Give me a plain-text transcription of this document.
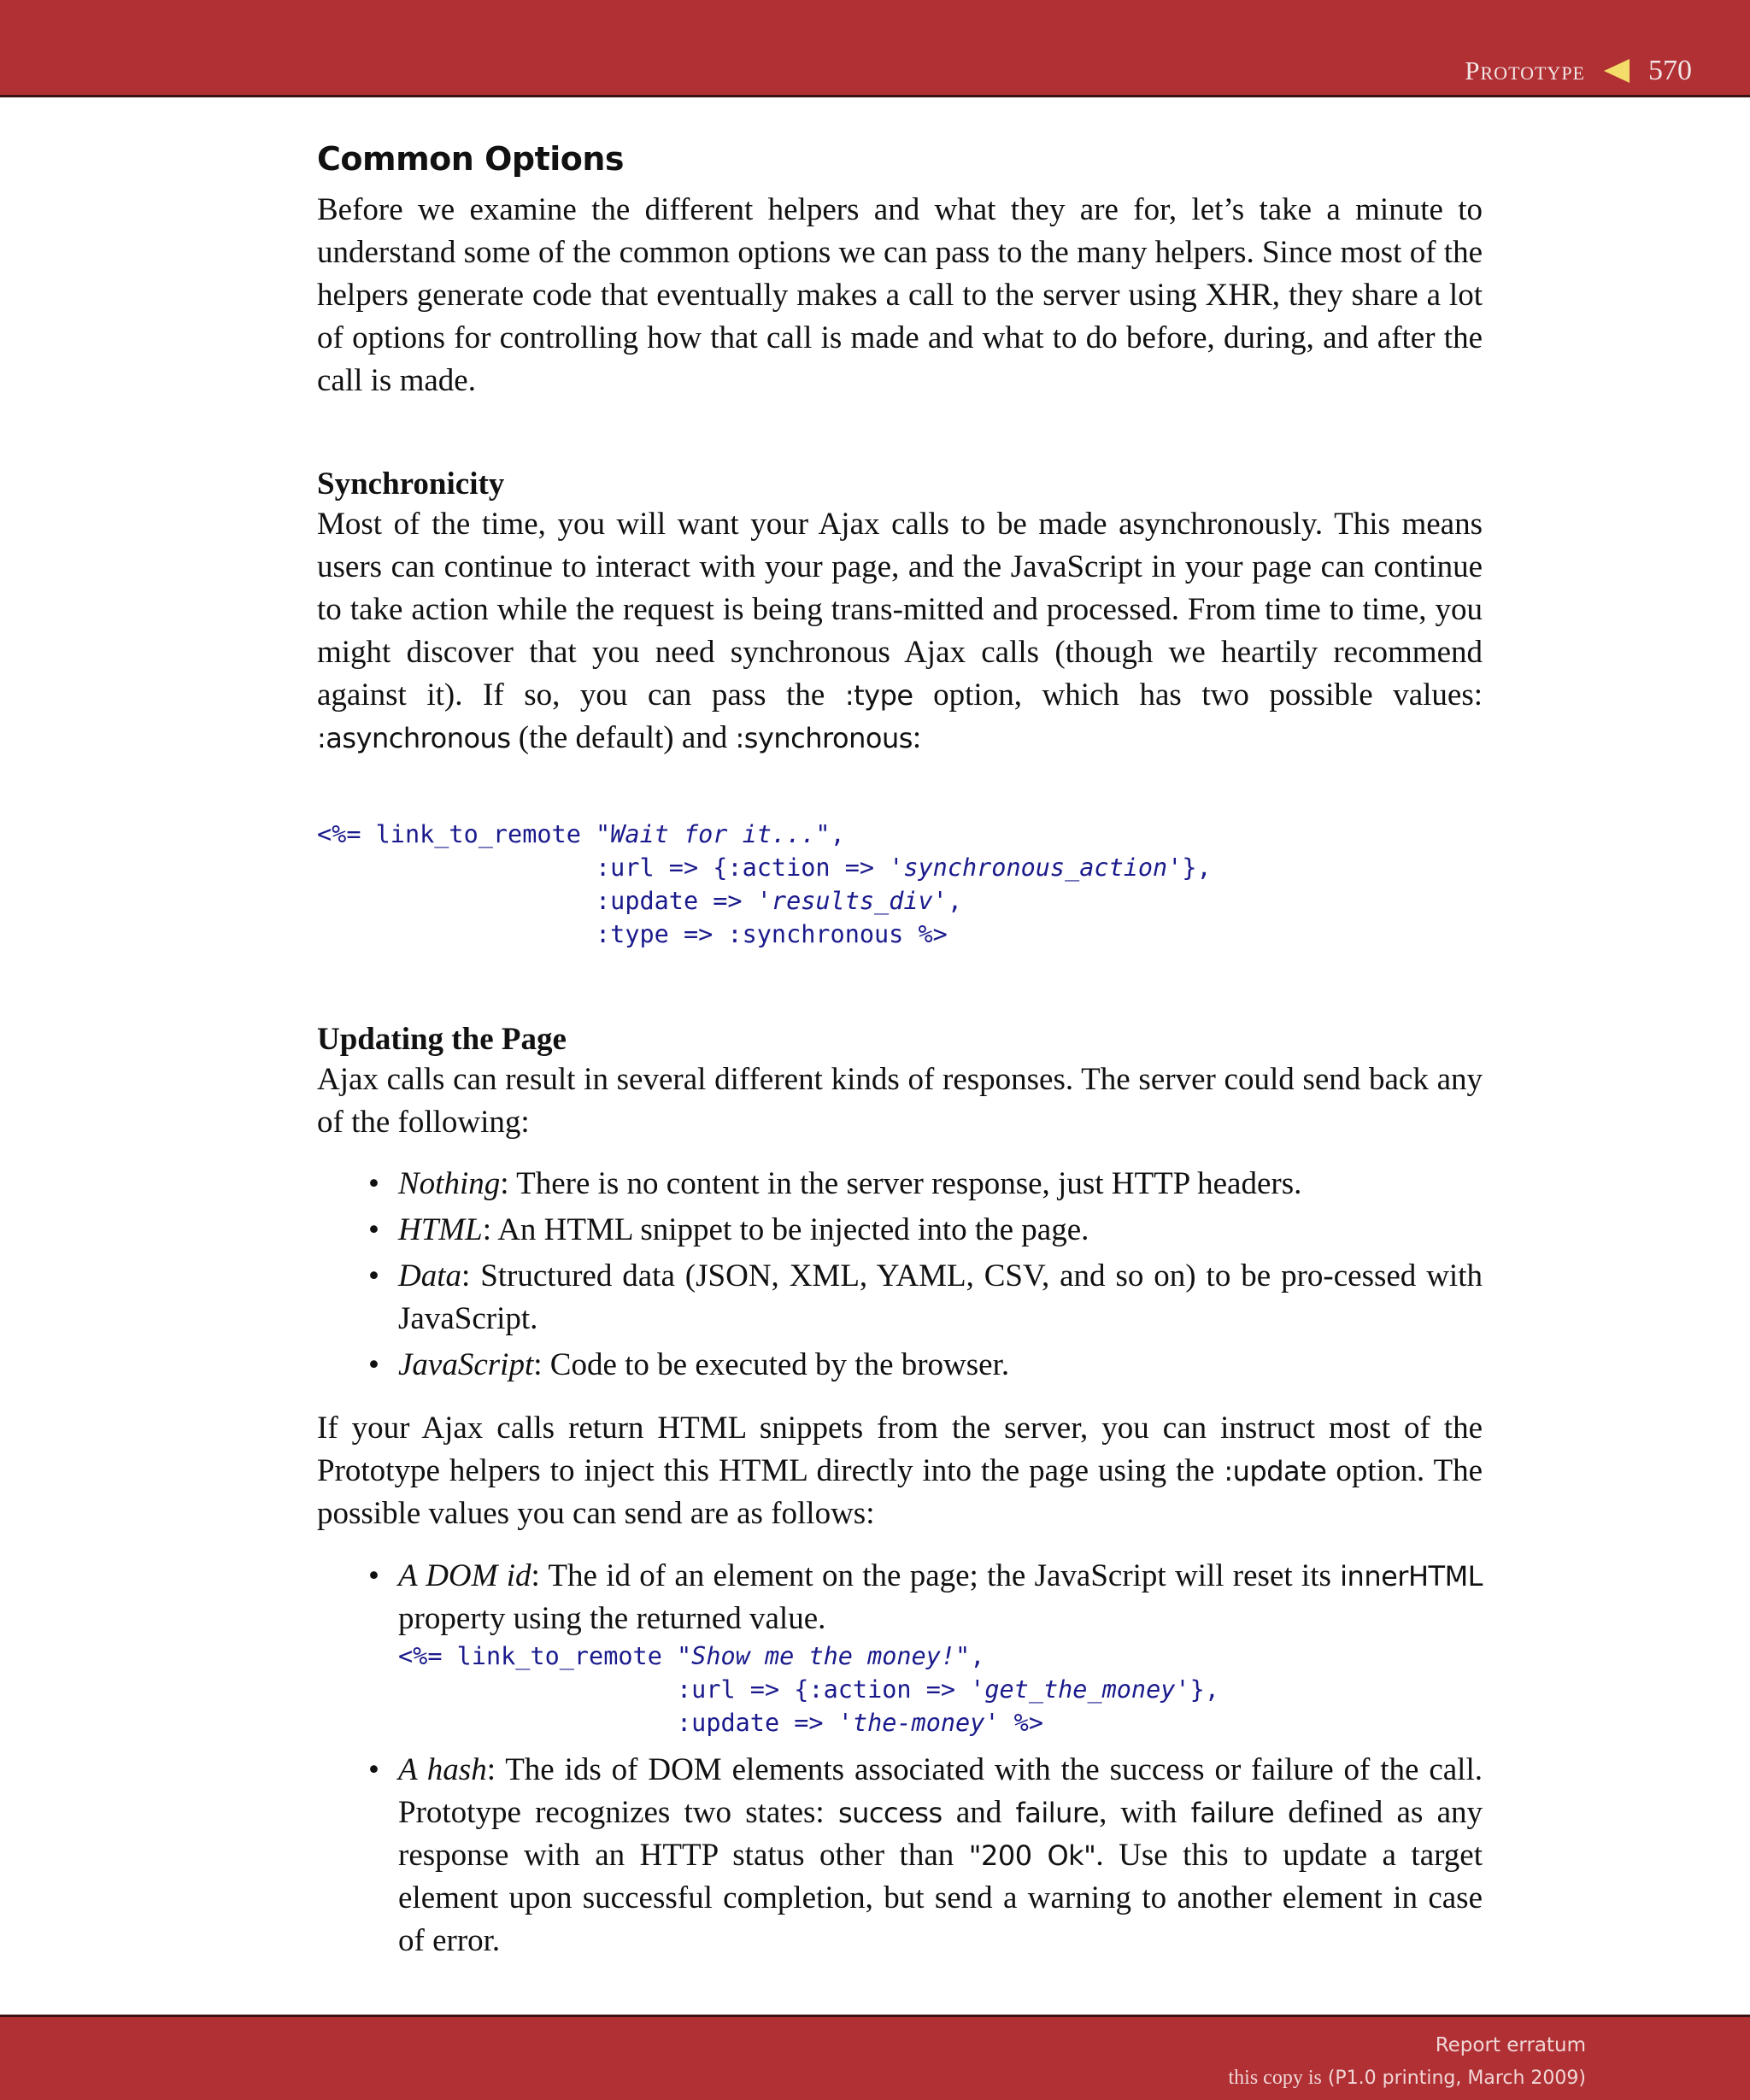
Prototype 570
Common Options

Before we examine the different helpers and what they are for, let’s take a minute to understand some of the common options we can pass to the many helpers. Since most of the helpers generate code that eventually makes a call to the server using XHR, they share a lot of options for controlling how that call is made and what to do before, during, and after the call is made.

Synchronicity

Most of the time, you will want your Ajax calls to be made asynchronously. This means users can continue to interact with your page, and the JavaScript in your page can continue to take action while the request is being trans-mitted and processed. From time to time, you might discover that you need synchronous Ajax calls (though we heartily recommend against it). If so, you can pass the :type option, which has two possible values: :asynchronous (the default) and :synchronous:

<%= link_to_remote "Wait for it...",
:url => {:action => 'synchronous_action'},
:update => 'results_div',
:type => :synchronous %>
Updating the Page

Ajax calls can result in several different kinds of responses. The server could send back any of the following:

• Nothing: There is no content in the server response, just HTTP headers.
• HTML: An HTML snippet to be injected into the page.
• Data: Structured data (JSON, XML, YAML, CSV, and so on) to be pro-cessed with JavaScript.
• JavaScript: Code to be executed by the browser.

If your Ajax calls return HTML snippets from the server, you can instruct most of the Prototype helpers to inject this HTML directly into the page using the :update option. The possible values you can send are as follows:

• A DOM id: The id of an element on the page; the JavaScript will reset its innerHTML property using the returned value.
<%= link_to_remote "Show me the money!",
:url => {:action => 'get_the_money'},
:update => 'the-money' %>
• A hash: The ids of DOM elements associated with the success or failure of the call. Prototype recognizes two states: success and failure, with failure defined as any response with an HTTP status other than "200 Ok". Use this to update a target element upon successful completion, but send a warning to another element in case of error.
Report erratum
this copy is (P1.0 printing, March 2009)
